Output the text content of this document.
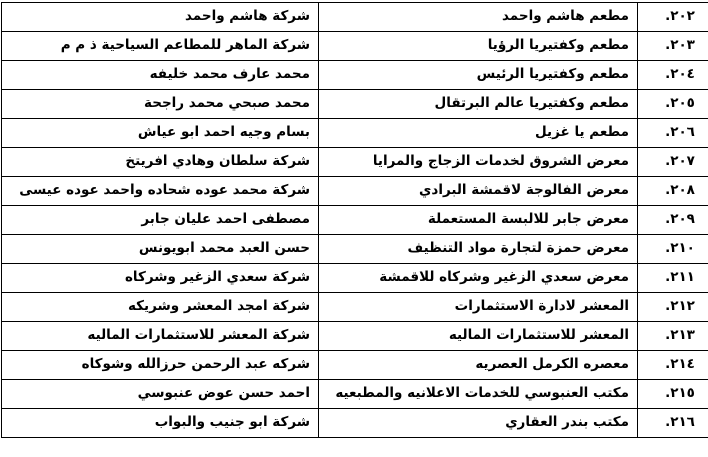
٢٠٢.	مطعم هاشم واحمد	شركة هاشم واحمد
٢٠٣.	مطعم وكفتيريا الرؤيا	شركة الماهر للمطاعم السياحية ذ م م
٢٠٤.	مطعم وكفتيريا الرئيس	محمد عارف محمد خليفه
٢٠٥.	مطعم وكفتيريا عالم البرتقال	محمد صبحي محمد راجحة
٢٠٦.	مطعم يا غزيل	بسام وجيه احمد ابو عياش
٢٠٧.	معرض الشروق لخدمات الزجاج والمرايا	شركة سلطان وهادي افريتخ
٢٠٨.	معرض الفالوجة لاقمشة البرادي	شركة محمد عوده شحاده واحمد عوده عيسى
٢٠٩.	معرض جابر للالبسة المستعملة	مصطفى احمد عليان جابر
٢١٠.	معرض حمزة لتجارة مواد التنظيف	حسن العبد محمد ابويونس
٢١١.	معرض سعدي الزغير وشركاه للاقمشة	شركة سعدي الزغير وشركاه
٢١٢.	المعشر لادارة الاستثمارات	شركة امجد المعشر وشريكه
٢١٣.	المعشر للاستثمارات الماليه	شركة المعشر للاستثمارات الماليه
٢١٤.	معصره الكرمل العصريه	شركه عبد الرحمن حرزالله وشوكاه
٢١٥.	مكتب العنبوسي للخدمات الاعلانيه والمطبعيه	احمد حسن عوض عنبوسي
٢١٦.	مكتب بندر العقاري	شركة ابو جنيب والبواب
